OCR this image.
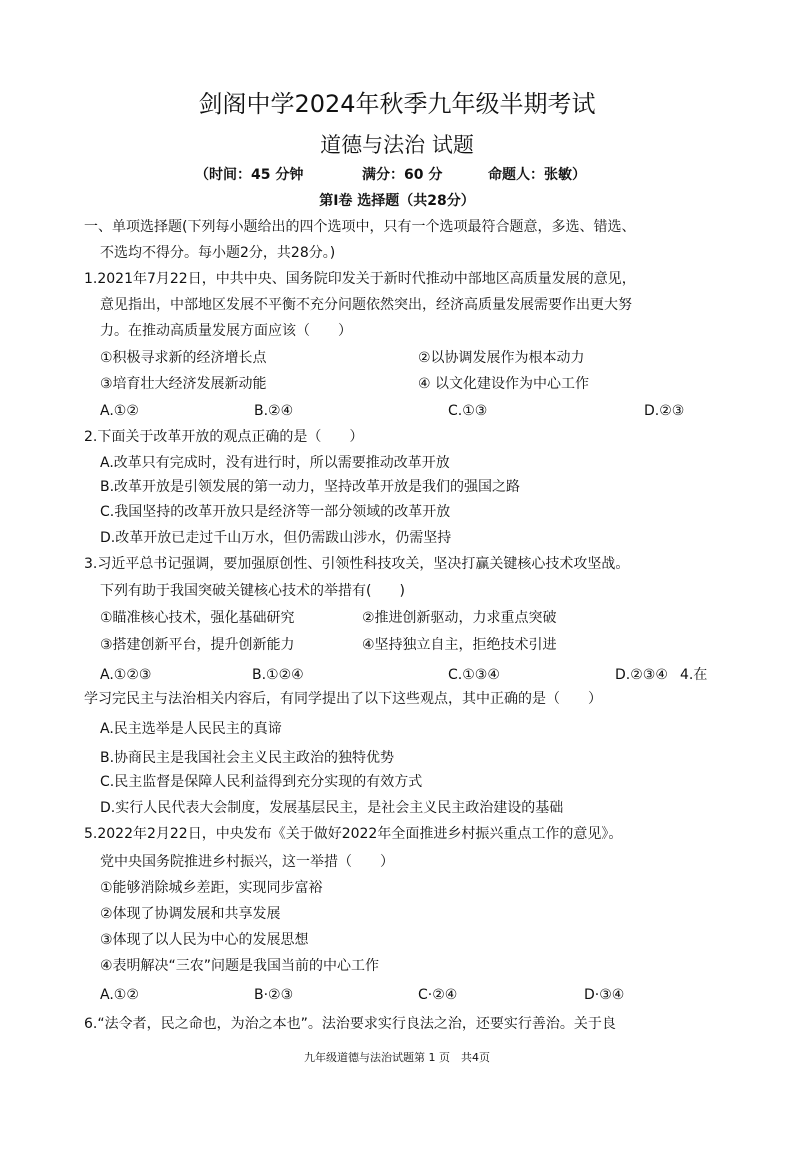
剑阁中学2024年秋季九年级半期考试
道德与法治 试题
（时间：45 分钟	满分：60 分	命题人：张敏）
第Ⅰ卷 选择题（共28分）
一、单项选择题(下列每小题给出的四个选项中，只有一个选项最符合题意，多选、错选、
不选均不得分。每小题2分，共28分。)
1.2021年7月22日，中共中央、国务院印发关于新时代推动中部地区高质量发展的意见，
意见指出，中部地区发展不平衡不充分问题依然突出，经济高质量发展需要作出更大努
力。在推动高质量发展方面应该（　　）
①积极寻求新的经济增长点	②以协调发展作为根本动力
③培育壮大经济发展新动能	④ 以文化建设作为中心工作
A.①②	B.②④	C.①③	D.②③
2.下面关于改革开放的观点正确的是（　　）
A.改革只有完成时，没有进行时，所以需要推动改革开放
B.改革开放是引领发展的第一动力，坚持改革开放是我们的强国之路
C.我国坚持的改革开放只是经济等一部分领域的改革开放
D.改革开放已走过千山万水，但仍需跋山涉水，仍需坚持
3.习近平总书记强调，要加强原创性、引领性科技攻关，坚决打赢关键核心技术攻坚战。
下列有助于我国突破关键核心技术的举措有(　　)
①瞄准核心技术，强化基础研究	②推进创新驱动，力求重点突破
③搭建创新平台，提升创新能力	④坚持独立自主，拒绝技术引进
A.①②③	B.①②④	C.①③④	D.②③④ 4.在
学习完民主与法治相关内容后，有同学提出了以下这些观点，其中正确的是（　　）
A.民主选举是人民民主的真谛
B.协商民主是我国社会主义民主政治的独特优势
C.民主监督是保障人民利益得到充分实现的有效方式
D.实行人民代表大会制度，发展基层民主，是社会主义民主政治建设的基础
5.2022年2月22日，中央发布《关于做好2022年全面推进乡村振兴重点工作的意见》。
党中央国务院推进乡村振兴，这一举措（　　）
①能够消除城乡差距，实现同步富裕
②体现了协调发展和共享发展
③体现了以人民为中心的发展思想
④表明解决“三农”问题是我国当前的中心工作
A.①②	B·②③	C·②④	D·③④
6.“法令者，民之命也，为治之本也”。法治要求实行良法之治，还要实行善治。关于良
九年级道德与法治试题第 1 页　共4页
